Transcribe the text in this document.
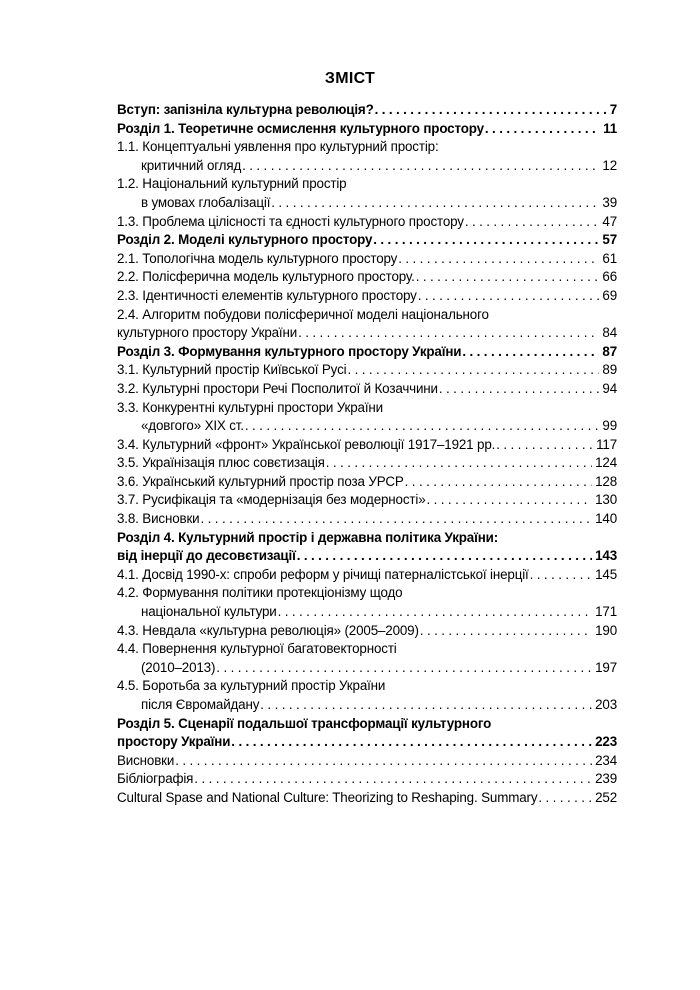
ЗМІСТ
Вступ: запізніла культурна революція? . . .	7
Розділ 1. Теоретичне осмислення культурного простору . . .	11
1.1. Концептуальні уявлення про культурний простір:
критичний огляд . . .	12
1.2. Національний культурний простір
в умовах глобалізації . . .	39
1.3. Проблема цілісності та єдності культурного простору . . .	47
Розділ 2. Моделі культурного простору . . .	57
2.1. Топологічна модель культурного простору . . .	61
2.2. Полісферична модель культурного простору. . . .	66
2.3. Ідентичності елементів культурного простору . . .	69
2.4. Алгоритм побудови полісферичної моделі національного
культурного простору України . . .	84
Розділ 3. Формування культурного простору України . . .	87
3.1. Культурний простір Київської Русі . . .	89
3.2. Культурні простори Речі Посполитої й Козаччини . . .	94
3.3. Конкурентні культурні простори України
«довгого» ХІХ ст. . . .	99
3.4. Культурний «фронт» Української революції 1917–1921 рр. . . .	117
3.5. Українізація плюс совєтизація . . .	124
3.6. Український культурний простір поза УРСР . . .	128
3.7. Русифікація та «модернізація без модерності» . . .	130
3.8. Висновки . . .	140
Розділ 4. Культурний простір і державна політика України:
від інерції до десовєтизації . . .	143
4.1. Досвід 1990-х: спроби реформ у річищі патерналістської інерції . . .	145
4.2. Формування політики протекціонізму щодо
національної культури . . .	171
4.3. Невдала «культурна революція» (2005–2009) . . .	190
4.4. Повернення культурної багатовекторності
(2010–2013) . . .	197
4.5. Боротьба за культурний простір України
після Євромайдану . . .	203
Розділ 5. Сценарії подальшої трансформації культурного
простору України . . .	223
Висновки . . .	234
Бібліографія . . .	239
Cultural Spase and National Culture: Theorizing to Reshaping. Summary . . .	252
